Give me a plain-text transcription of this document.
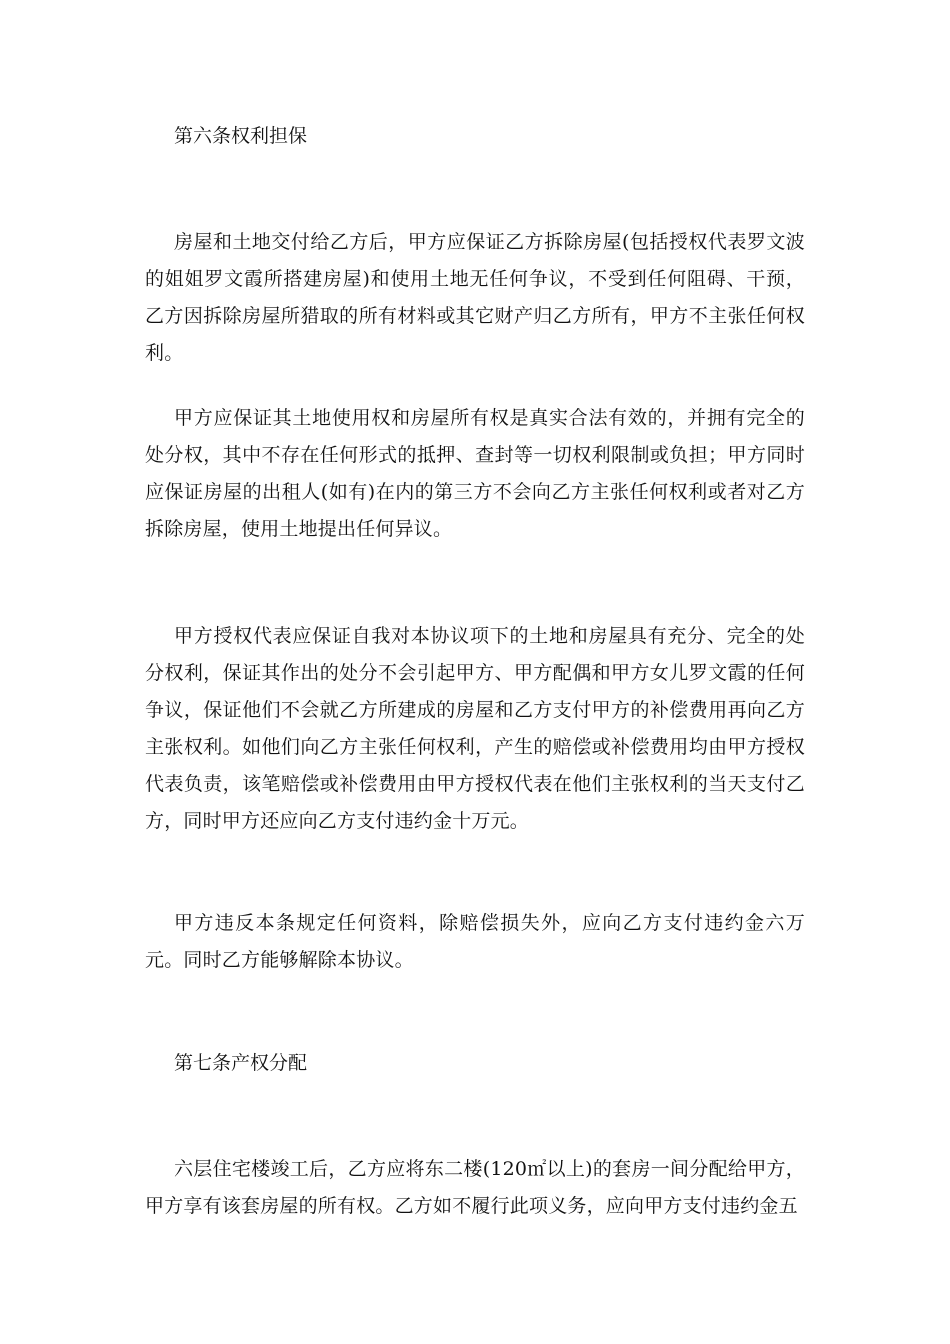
第六条权利担保

房屋和土地交付给乙方后，甲方应保证乙方拆除房屋(包括授权代表罗文波的姐姐罗文霞所搭建房屋)和使用土地无任何争议，不受到任何阻碍、干预，乙方因拆除房屋所猎取的所有材料或其它财产归乙方所有，甲方不主张任何权利。

甲方应保证其土地使用权和房屋所有权是真实合法有效的，并拥有完全的处分权，其中不存在任何形式的抵押、查封等一切权利限制或负担；甲方同时应保证房屋的出租人(如有)在内的第三方不会向乙方主张任何权利或者对乙方拆除房屋，使用土地提出任何异议。

甲方授权代表应保证自我对本协议项下的土地和房屋具有充分、完全的处分权利，保证其作出的处分不会引起甲方、甲方配偶和甲方女儿罗文霞的任何争议，保证他们不会就乙方所建成的房屋和乙方支付甲方的补偿费用再向乙方主张权利。如他们向乙方主张任何权利，产生的赔偿或补偿费用均由甲方授权代表负责，该笔赔偿或补偿费用由甲方授权代表在他们主张权利的当天支付乙方，同时甲方还应向乙方支付违约金十万元。

甲方违反本条规定任何资料，除赔偿损失外，应向乙方支付违约金六万元。同时乙方能够解除本协议。

第七条产权分配

六层住宅楼竣工后，乙方应将东二楼(120㎡以上)的套房一间分配给甲方，甲方享有该套房屋的所有权。乙方如不履行此项义务，应向甲方支付违约金五
